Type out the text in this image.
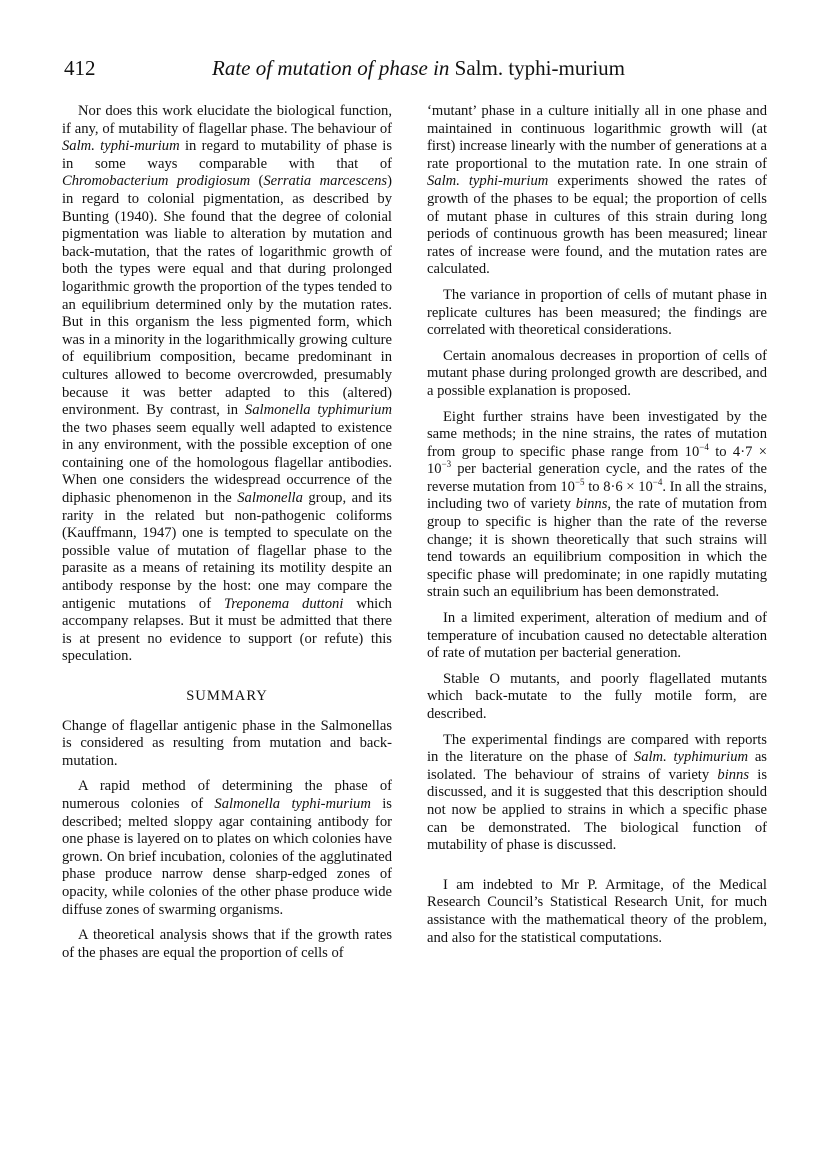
412	Rate of mutation of phase in Salm. typhi-murium

Nor does this work elucidate the biological function, if any, of mutability of flagellar phase. The behaviour of Salm. typhi-murium in regard to mutability of phase is in some ways comparable with that of Chromobacterium prodigiosum (Serratia marcescens) in regard to colonial pigmentation, as described by Bunting (1940). She found that the degree of colonial pigmentation was liable to alteration by mutation and back-mutation, that the rates of logarithmic growth of both the types were equal and that during prolonged logarithmic growth the proportion of the types tended to an equilibrium determined only by the mutation rates. But in this organism the less pigmented form, which was in a minority in the logarithmically growing culture of equilibrium composition, became predominant in cultures allowed to become overcrowded, presumably because it was better adapted to this (altered) environment. By contrast, in Salmonella typhimurium the two phases seem equally well adapted to existence in any environment, with the possible exception of one containing one of the homologous flagellar antibodies. When one considers the widespread occurrence of the diphasic phenomenon in the Salmonella group, and its rarity in the related but non-pathogenic coliforms (Kauffmann, 1947) one is tempted to speculate on the possible value of mutation of flagellar phase to the parasite as a means of retaining its motility despite an antibody response by the host: one may compare the antigenic mutations of Treponema duttoni which accompany relapses. But it must be admitted that there is at present no evidence to support (or refute) this speculation.

SUMMARY

Change of flagellar antigenic phase in the Salmonellas is considered as resulting from mutation and back-mutation.

A rapid method of determining the phase of numerous colonies of Salmonella typhi-murium is described; melted sloppy agar containing antibody for one phase is layered on to plates on which colonies have grown. On brief incubation, colonies of the agglutinated phase produce narrow dense sharp-edged zones of opacity, while colonies of the other phase produce wide diffuse zones of swarming organisms.

A theoretical analysis shows that if the growth rates of the phases are equal the proportion of cells of

‘mutant’ phase in a culture initially all in one phase and maintained in continuous logarithmic growth will (at first) increase linearly with the number of generations at a rate proportional to the mutation rate. In one strain of Salm. typhi-murium experiments showed the rates of growth of the phases to be equal; the proportion of cells of mutant phase in cultures of this strain during long periods of continuous growth has been measured; linear rates of increase were found, and the mutation rates are calculated.

The variance in proportion of cells of mutant phase in replicate cultures has been measured; the findings are correlated with theoretical considerations.

Certain anomalous decreases in proportion of cells of mutant phase during prolonged growth are described, and a possible explanation is proposed.

Eight further strains have been investigated by the same methods; in the nine strains, the rates of mutation from group to specific phase range from $10^{-4}$ to $4\cdot 7 \times 10^{-3}$ per bacterial generation cycle, and the rates of the reverse mutation from $10^{-5}$ to $8\cdot 6 \times 10^{-4}$. In all the strains, including two of variety binns, the rate of mutation from group to specific is higher than the rate of the reverse change; it is shown theoretically that such strains will tend towards an equilibrium composition in which the specific phase will predominate; in one rapidly mutating strain such an equilibrium has been demonstrated.

In a limited experiment, alteration of medium and of temperature of incubation caused no detectable alteration of rate of mutation per bacterial generation.

Stable O mutants, and poorly flagellated mutants which back-mutate to the fully motile form, are described.

The experimental findings are compared with reports in the literature on the phase of Salm. typhimurium as isolated. The behaviour of strains of variety binns is discussed, and it is suggested that this description should not now be applied to strains in which a specific phase can be demonstrated. The biological function of mutability of phase is discussed.

I am indebted to Mr P. Armitage, of the Medical Research Council’s Statistical Research Unit, for much assistance with the mathematical theory of the problem, and also for the statistical computations.
